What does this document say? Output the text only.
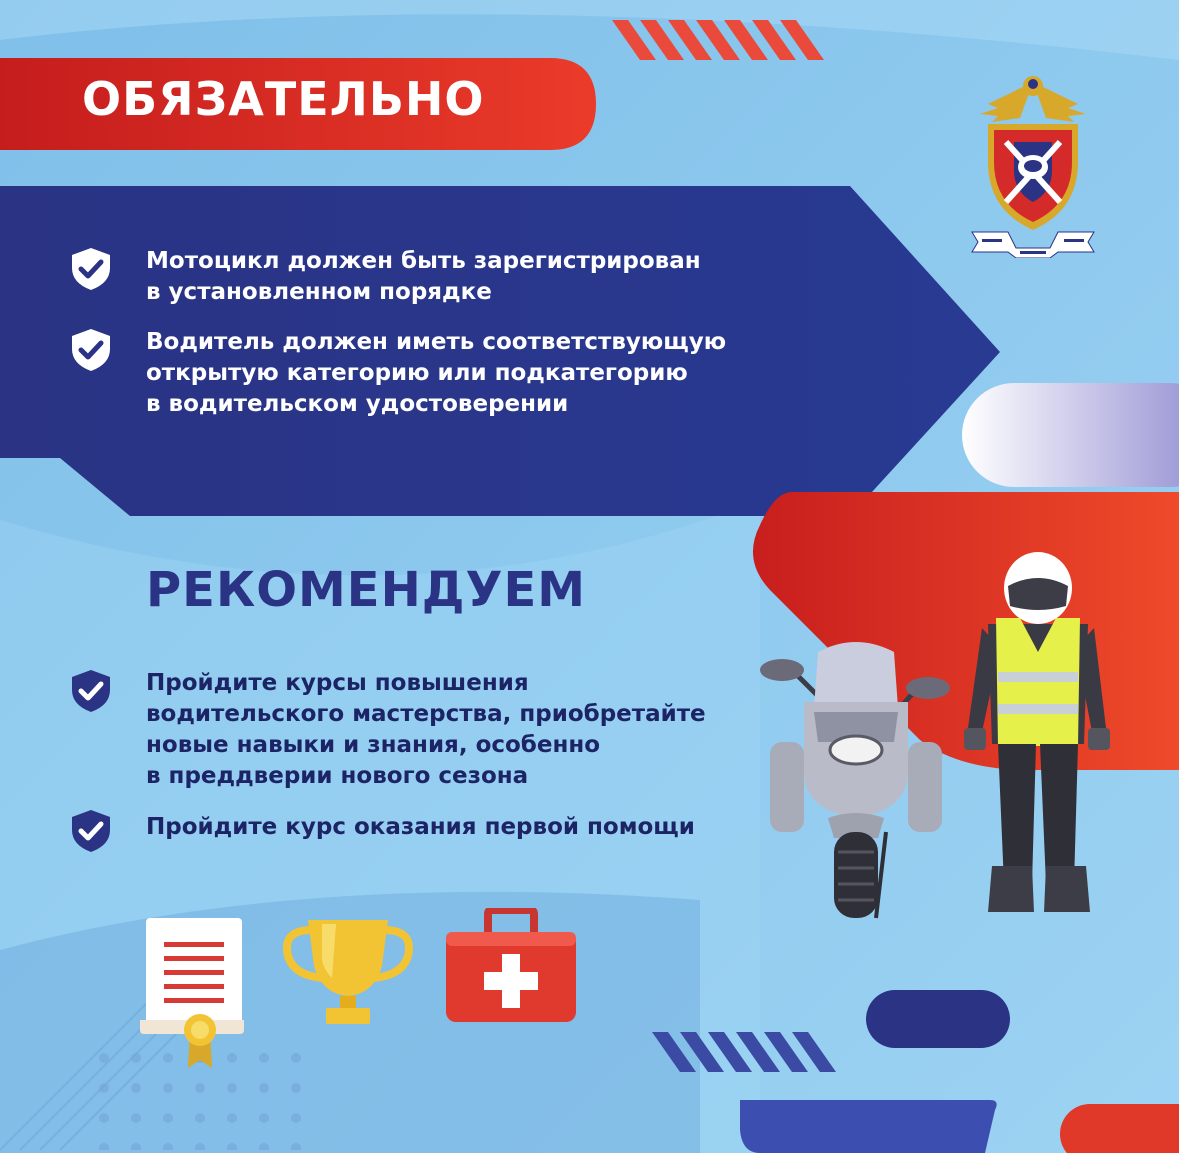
ОБЯЗАТЕЛЬНО
Мотоцикл должен быть зарегистрирован
в установленном порядке
Водитель должен иметь соответствующую
открытую категорию или подкатегорию
в водительском удостоверении
РЕКОМЕНДУЕМ
Пройдите курсы повышения
водительского мастерства, приобретайте
новые навыки и знания, особенно
в преддверии нового сезона
Пройдите курс оказания первой помощи
